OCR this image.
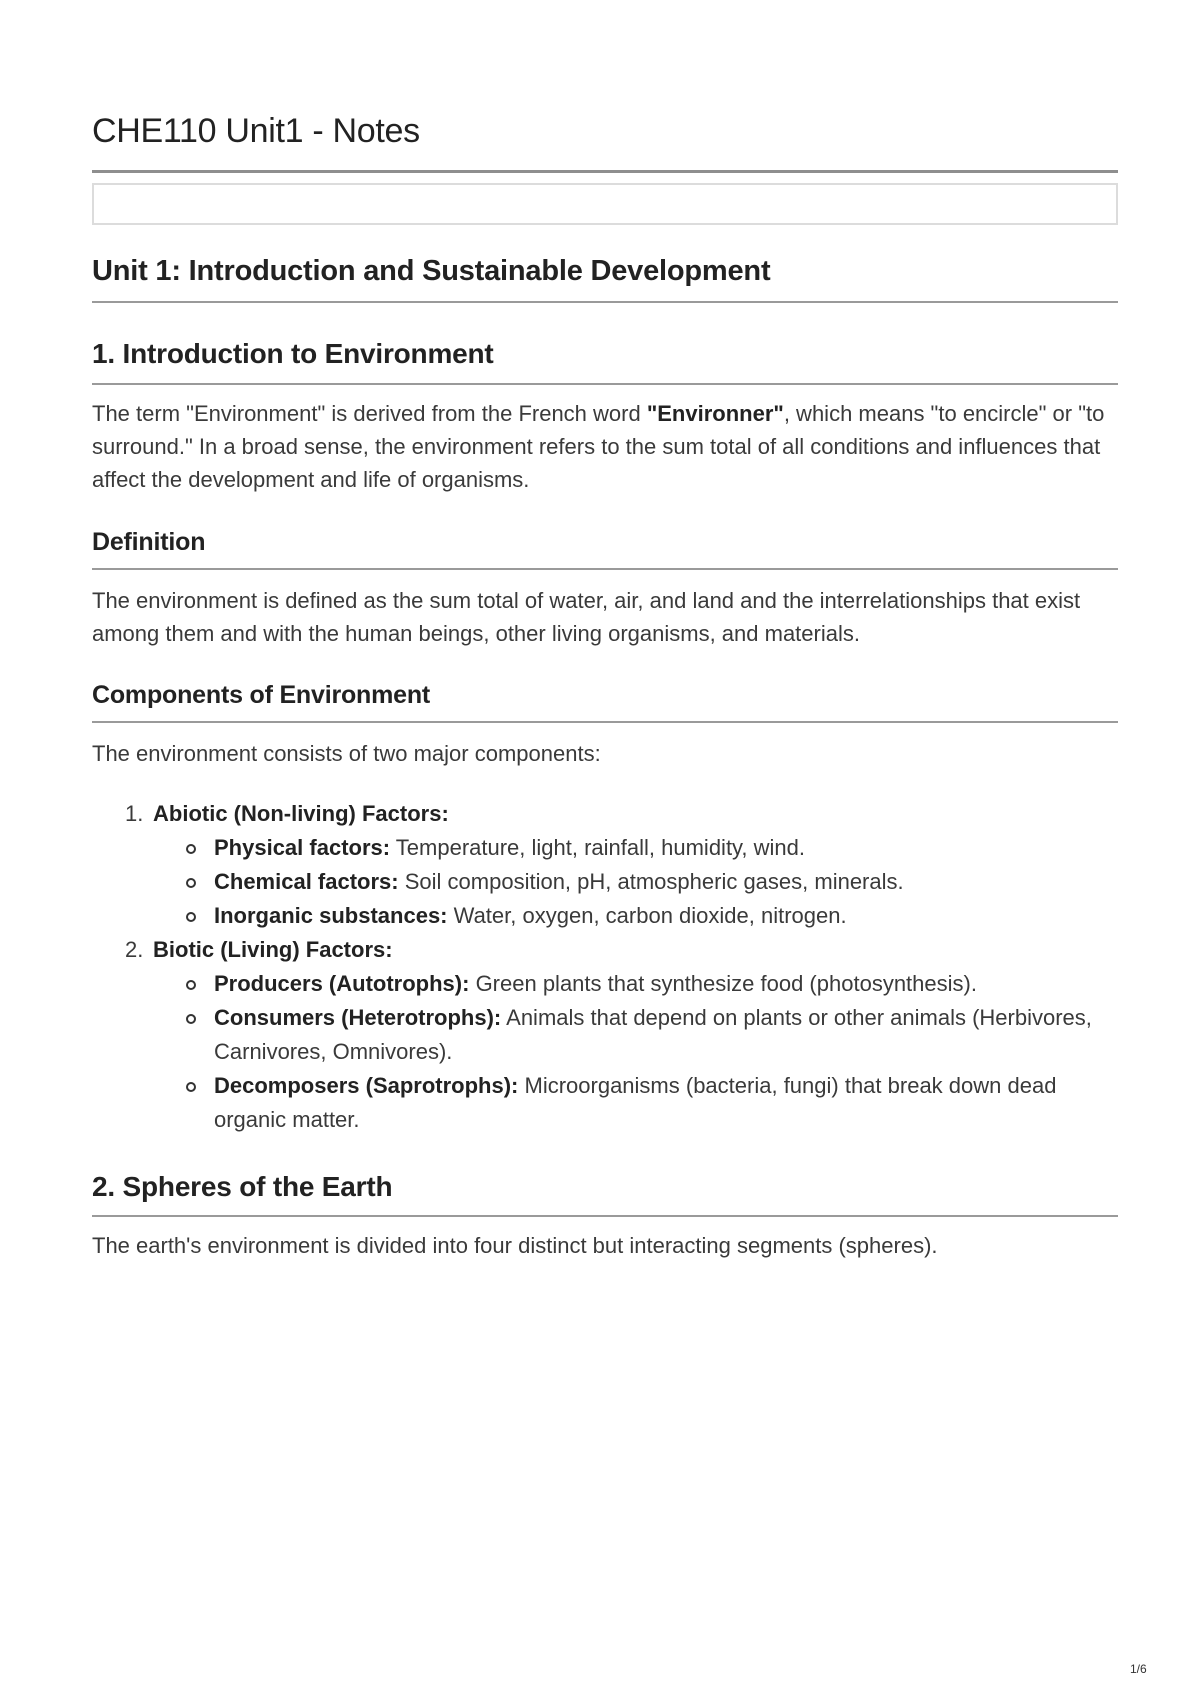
CHE110 Unit1 - Notes
Unit 1: Introduction and Sustainable Development
1. Introduction to Environment

The term "Environment" is derived from the French word "Environner", which means "to encircle" or "to surround." In a broad sense, the environment refers to the sum total of all conditions and influences that affect the development and life of organisms.

Definition

The environment is defined as the sum total of water, air, and land and the interrelationships that exist among them and with the human beings, other living organisms, and materials.

Components of Environment

The environment consists of two major components:

1. Abiotic (Non-living) Factors:
Physical factors: Temperature, light, rainfall, humidity, wind.
Chemical factors: Soil composition, pH, atmospheric gases, minerals.
Inorganic substances: Water, oxygen, carbon dioxide, nitrogen.
2. Biotic (Living) Factors:
Producers (Autotrophs): Green plants that synthesize food (photosynthesis).
Consumers (Heterotrophs): Animals that depend on plants or other animals (Herbivores, Carnivores, Omnivores).
Decomposers (Saprotrophs): Microorganisms (bacteria, fungi) that break down dead organic matter.
2. Spheres of the Earth

The earth's environment is divided into four distinct but interacting segments (spheres).

1/6
